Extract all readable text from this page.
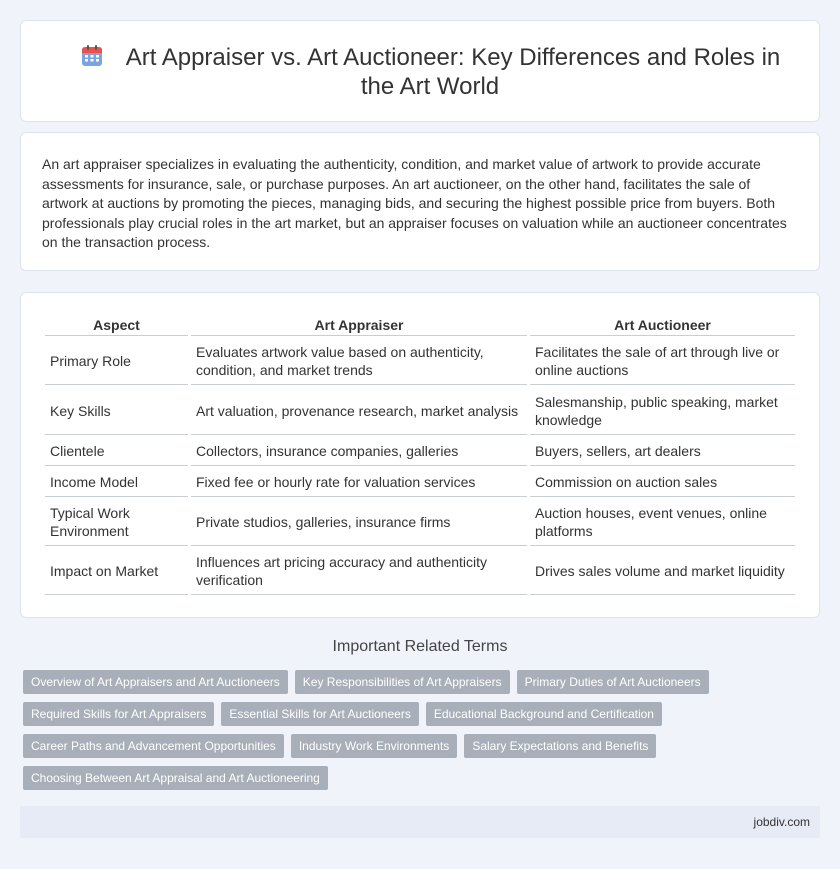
Art Appraiser vs. Art Auctioneer: Key Differences and Roles in the Art World

An art appraiser specializes in evaluating the authenticity, condition, and market value of artwork to provide accurate assessments for insurance, sale, or purchase purposes. An art auctioneer, on the other hand, facilitates the sale of artwork at auctions by promoting the pieces, managing bids, and securing the highest possible price from buyers. Both professionals play crucial roles in the art market, but an appraiser focuses on valuation while an auctioneer concentrates on the transaction process.

Aspect	Art Appraiser	Art Auctioneer
Primary Role	Evaluates artwork value based on authenticity, condition, and market trends	Facilitates the sale of art through live or online auctions
Key Skills	Art valuation, provenance research, market analysis	Salesmanship, public speaking, market knowledge
Clientele	Collectors, insurance companies, galleries	Buyers, sellers, art dealers
Income Model	Fixed fee or hourly rate for valuation services	Commission on auction sales
Typical Work Environment	Private studios, galleries, insurance firms	Auction houses, event venues, online platforms
Impact on Market	Influences art pricing accuracy and authenticity verification	Drives sales volume and market liquidity
Important Related Terms
Overview of Art Appraisers and Art Auctioneers	Key Responsibilities of Art Appraisers	Primary Duties of Art Auctioneers
Required Skills for Art Appraisers	Essential Skills for Art Auctioneers	Educational Background and Certification
Career Paths and Advancement Opportunities	Industry Work Environments	Salary Expectations and Benefits
Choosing Between Art Appraisal and Art Auctioneering
jobdiv.com
